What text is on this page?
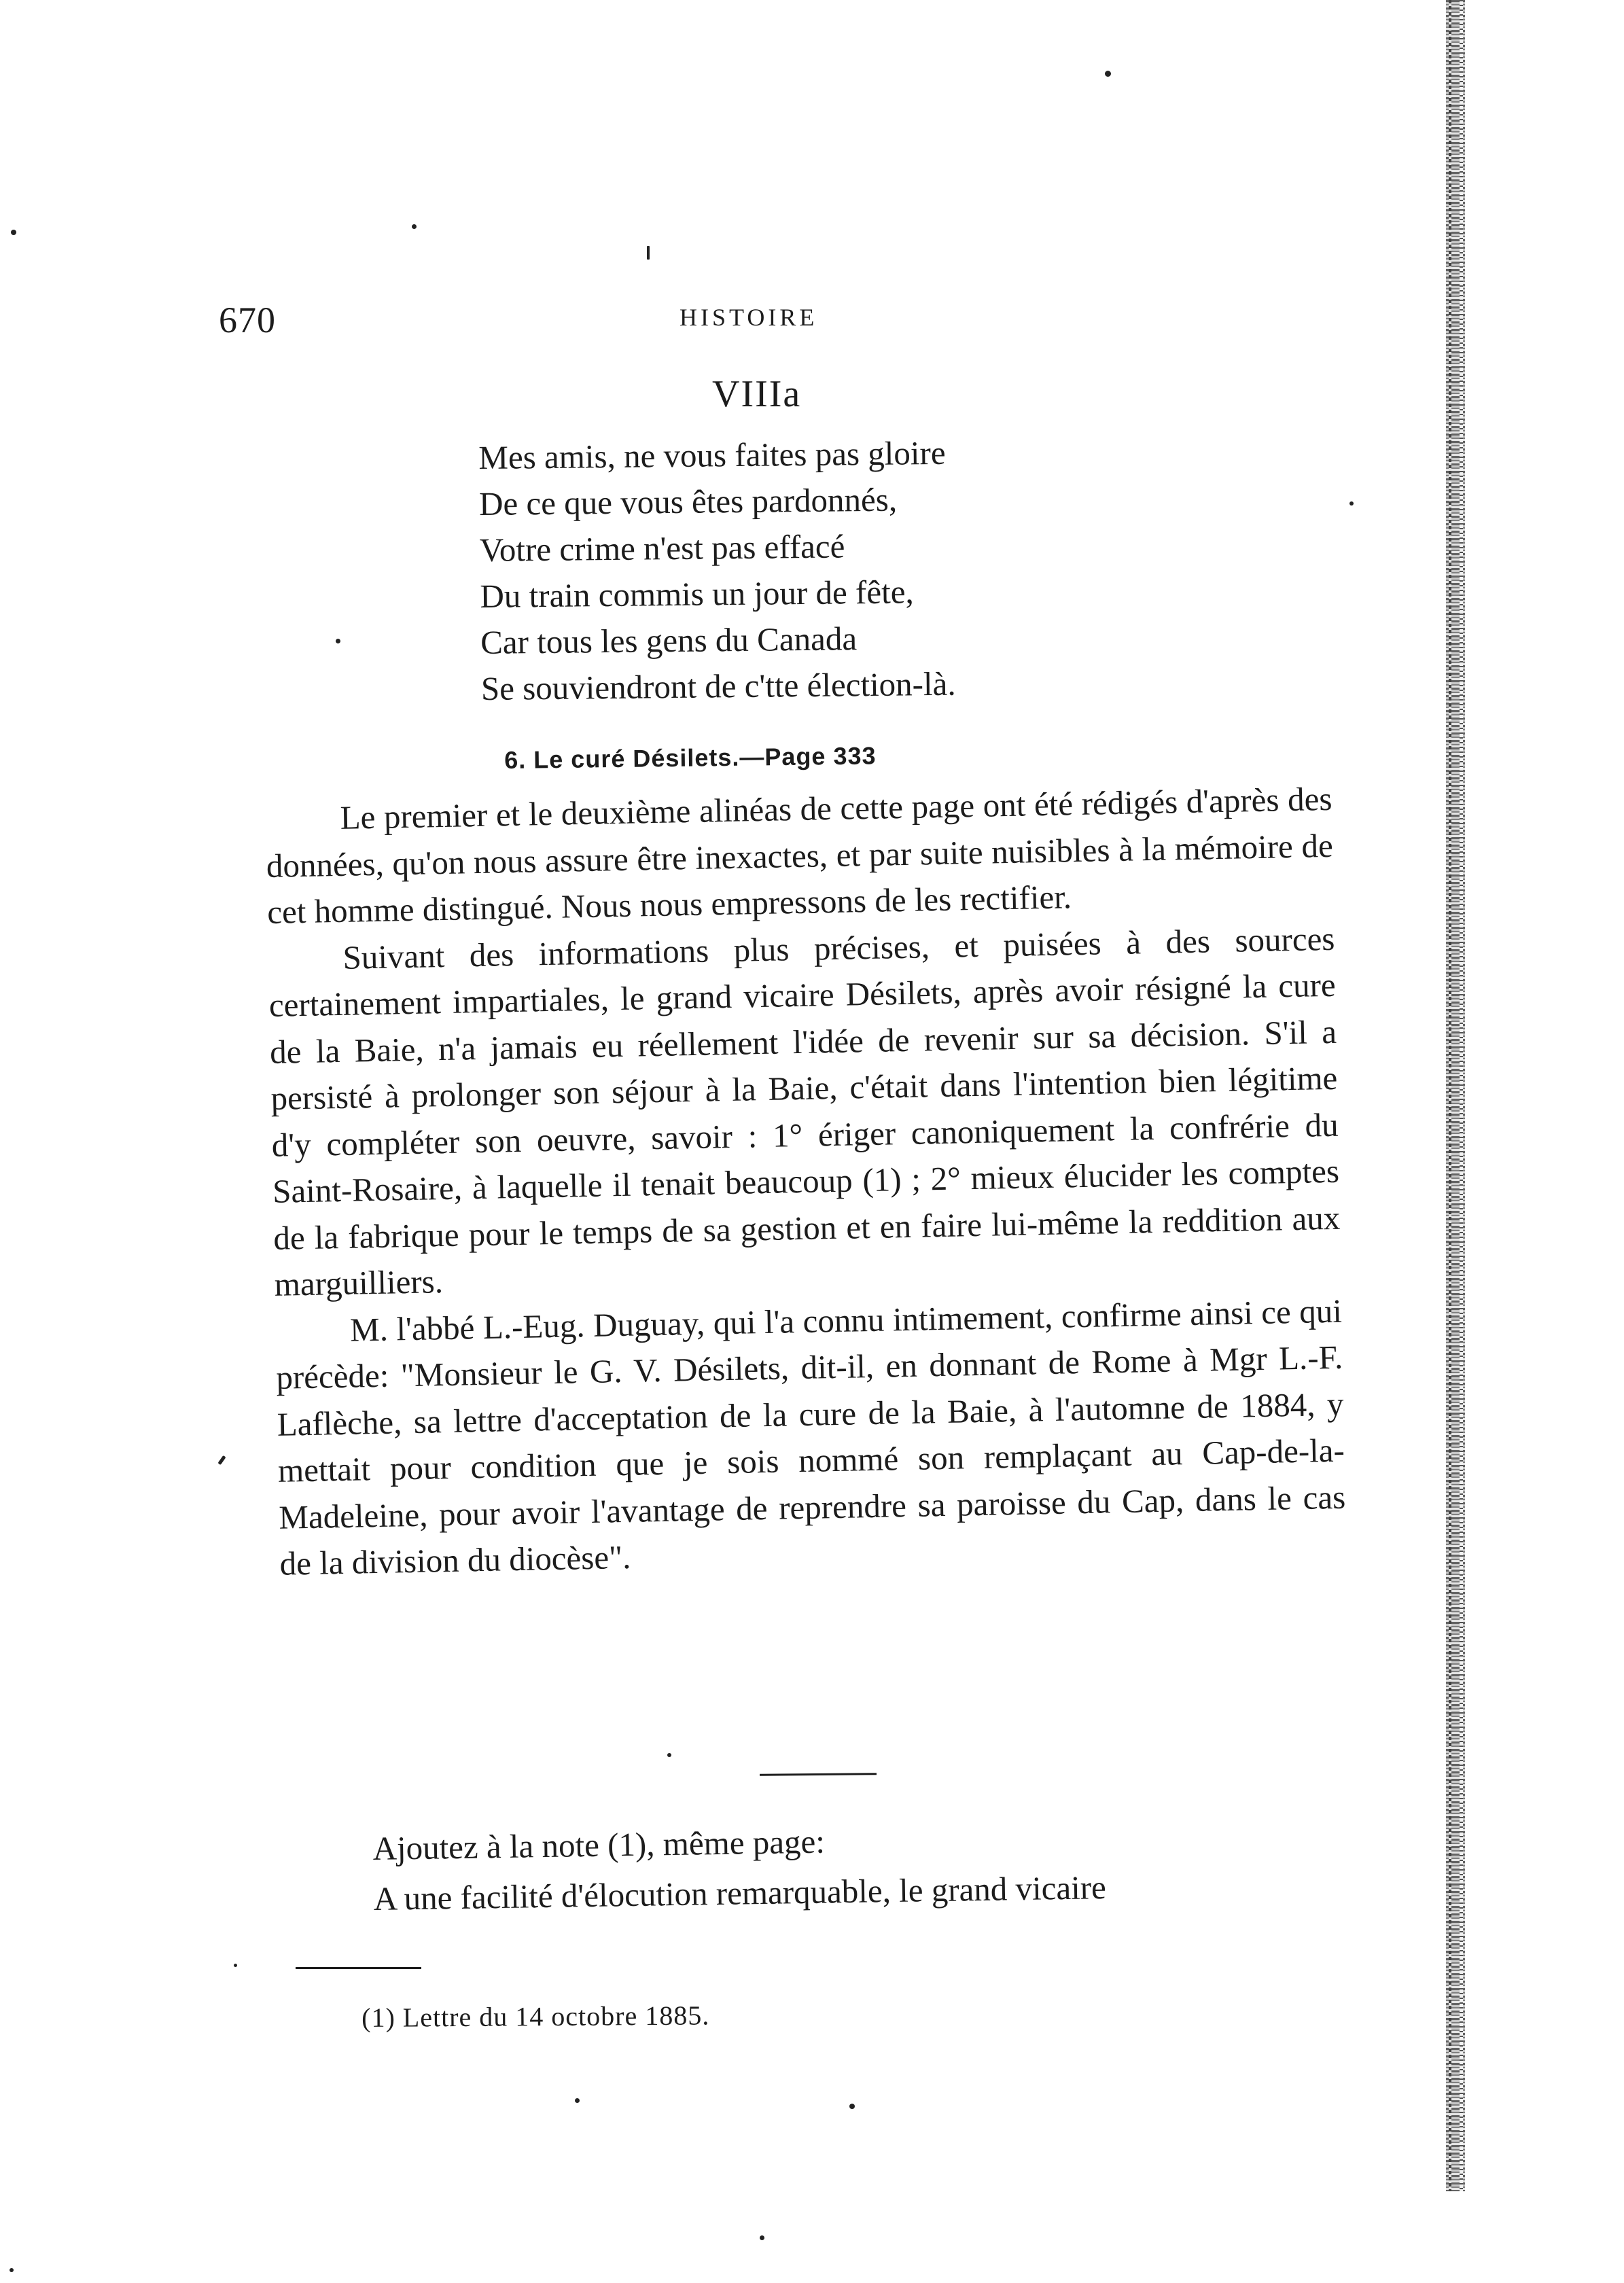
670	HISTOIRE
VIIIa
Mes amis, ne vous faites pas gloire
De ce que vous êtes pardonnés,
Votre crime n'est pas effacé
Du train commis un jour de fête,
Car tous les gens du Canada
Se souviendront de c'tte élection-là.
6. Le curé Désilets.—Page 333

Le premier et le deuxième alinéas de cette page ont été rédigés d'après des données, qu'on nous assure être inexactes, et par suite nuisibles à la mémoire de cet homme distingué. Nous nous empressons de les rectifier.

Suivant des informations plus précises, et puisées à des sources certainement impartiales, le grand vicaire Désilets, après avoir résigné la cure de la Baie, n'a jamais eu réellement l'idée de revenir sur sa décision. S'il a persisté à prolonger son séjour à la Baie, c'était dans l'intention bien légitime d'y compléter son oeuvre, savoir : 1° ériger canoniquement la confrérie du Saint-Rosaire, à laquelle il tenait beaucoup (1) ; 2° mieux élucider les comptes de la fabrique pour le temps de sa gestion et en faire lui-même la reddition aux marguilliers.

M. l'abbé L.-Eug. Duguay, qui l'a connu intimement, confirme ainsi ce qui précède: "Monsieur le G. V. Désilets, dit-il, en donnant de Rome à Mgr L.-F. Laflèche, sa lettre d'acceptation de la cure de la Baie, à l'automne de 1884, y mettait pour condition que je sois nommé son remplaçant au Cap-de-la-Madeleine, pour avoir l'avantage de reprendre sa paroisse du Cap, dans le cas de la division du diocèse".

Ajoutez à la note (1), même page:
A une facilité d'élocution remarquable, le grand vicaire
(1) Lettre du 14 octobre 1885.
